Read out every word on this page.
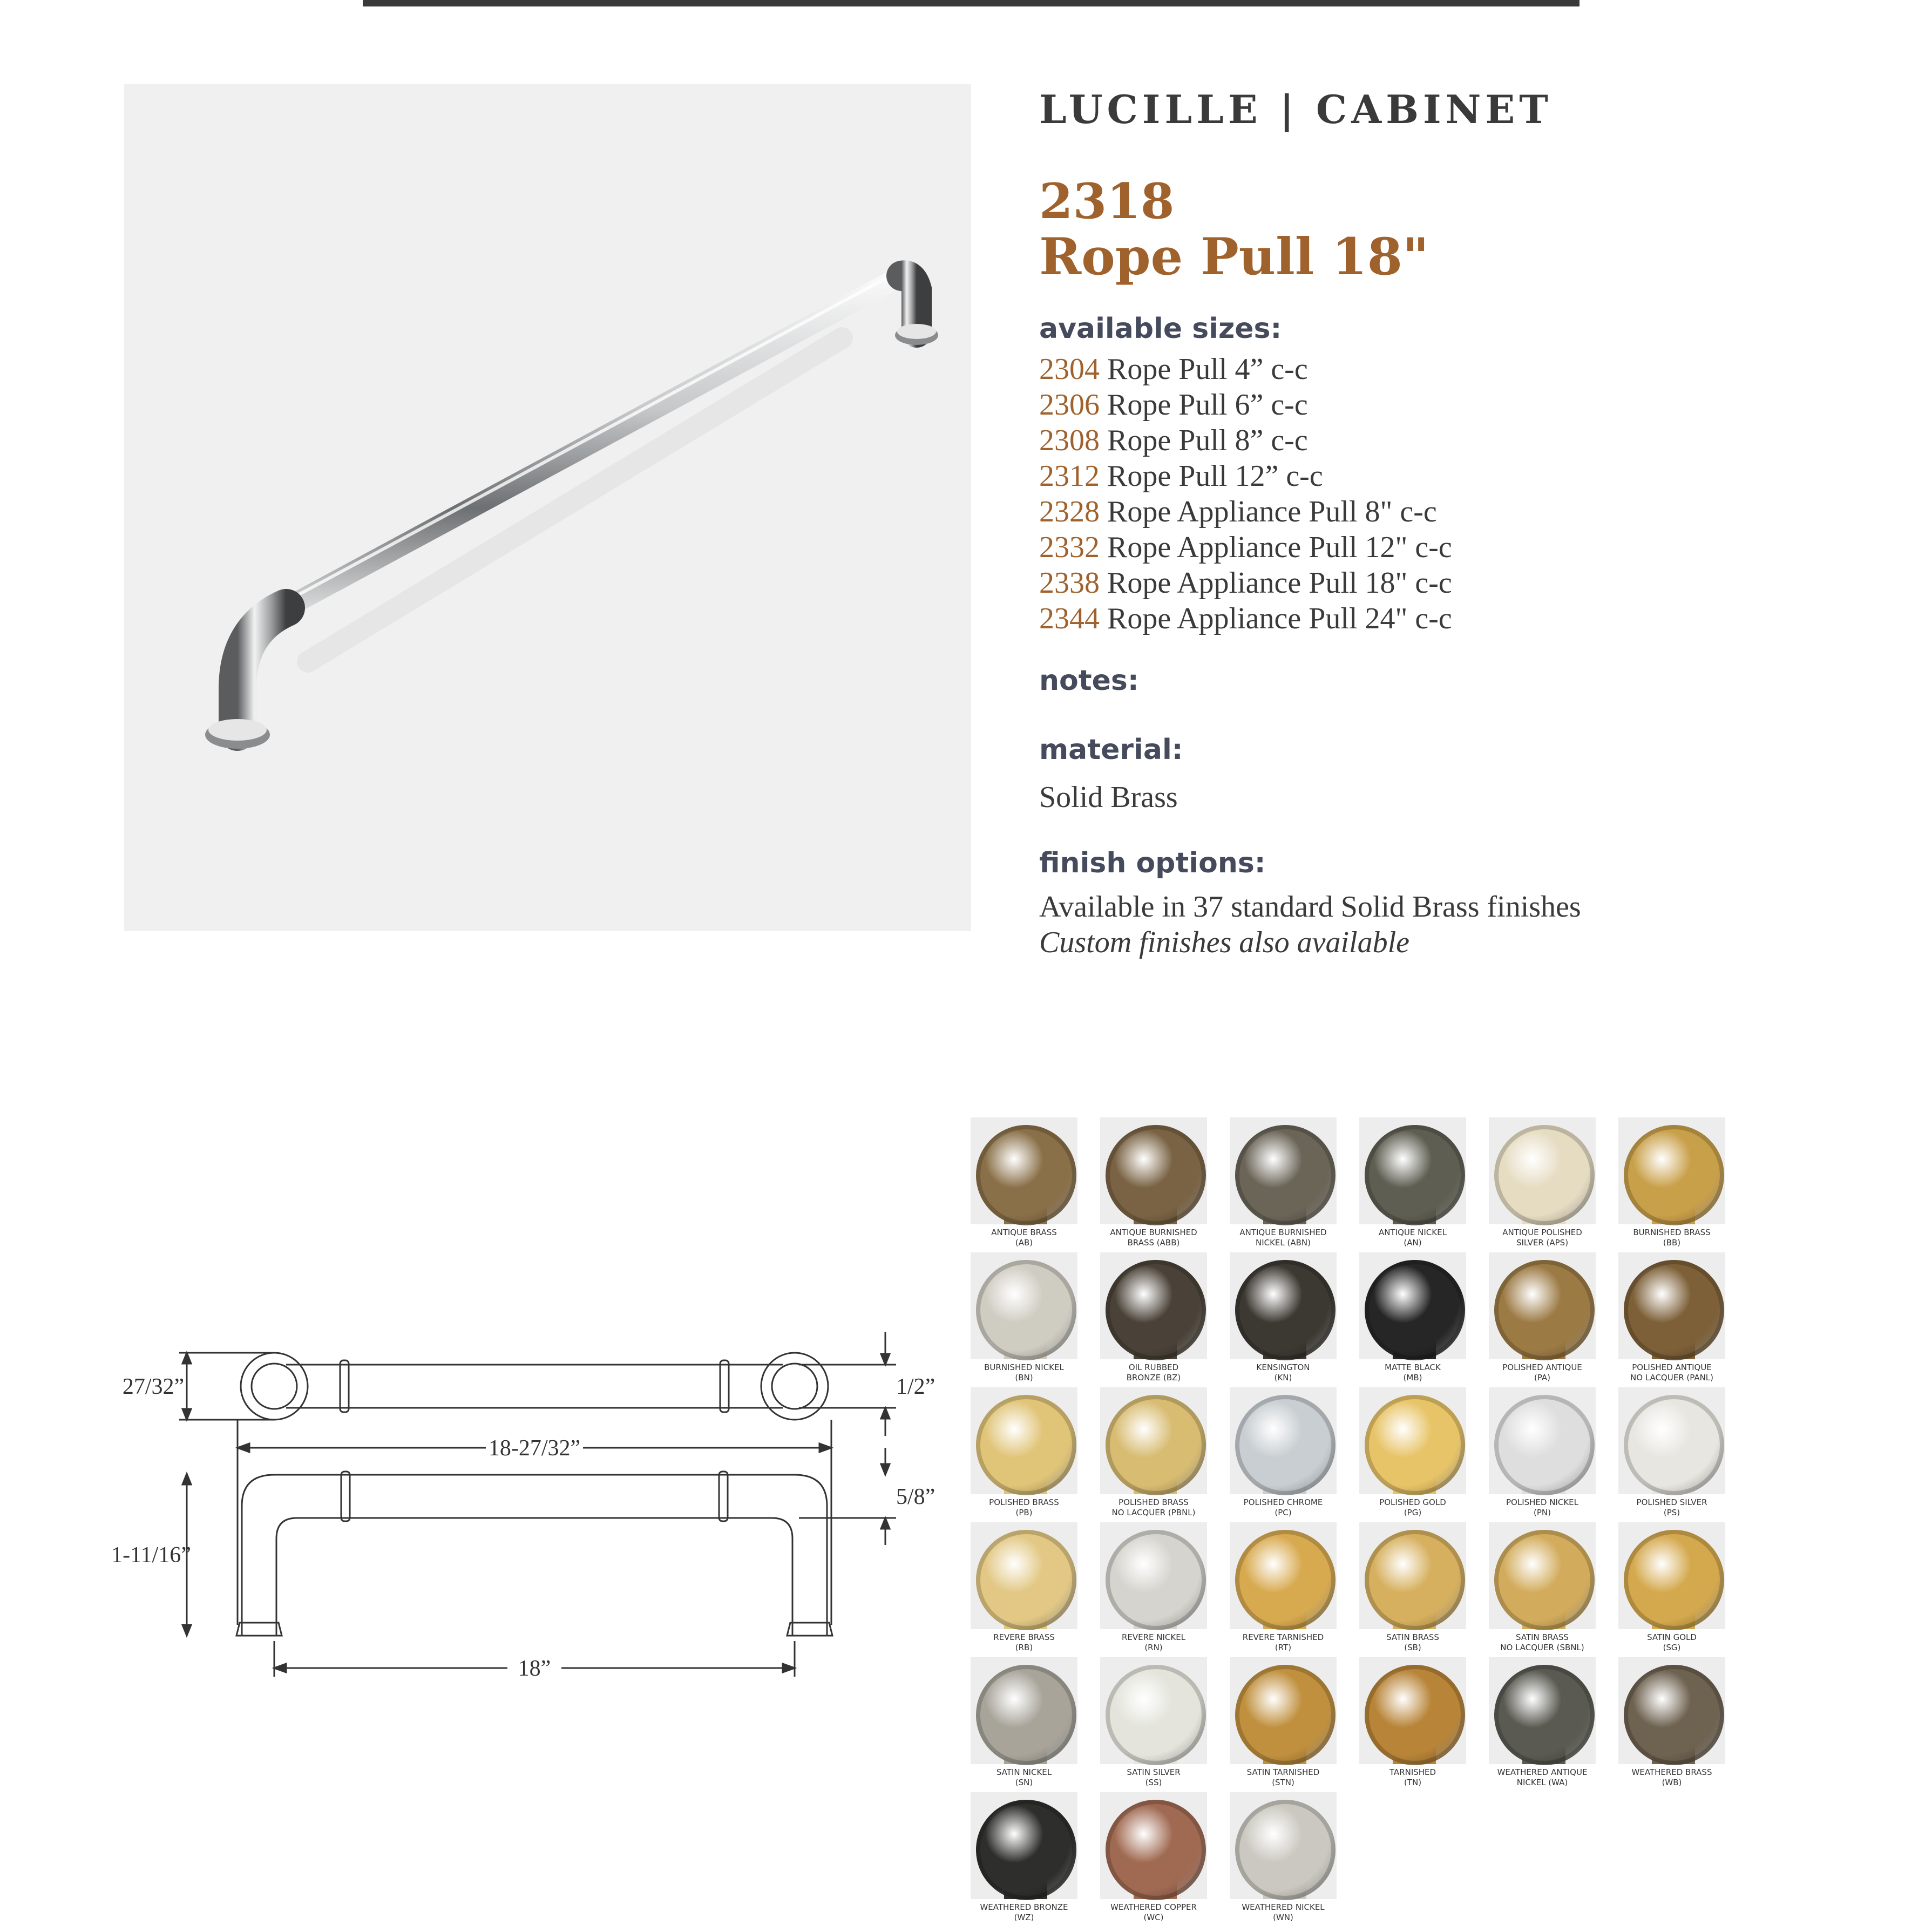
LUCILLE | CABINET
2318
Rope Pull 18"
available sizes:
2304 Rope Pull 4” c-c
2306 Rope Pull 6” c-c
2308 Rope Pull 8” c-c
2312 Rope Pull 12” c-c
2328 Rope Appliance Pull 8" c-c
2332 Rope Appliance Pull 12" c-c
2338 Rope Appliance Pull 18" c-c
2344 Rope Appliance Pull 24" c-c
notes:
material:
Solid Brass
finish options:
Available in 37 standard Solid Brass finishes
Custom finishes also available
27/32”
18-27/32”
1-11/16”
18”
1/2”
5/8”
ANTIQUE BRASS
(AB)
ANTIQUE BURNISHED
BRASS (ABB)
ANTIQUE BURNISHED
NICKEL (ABN)
ANTIQUE NICKEL
(AN)
ANTIQUE POLISHED
SILVER (APS)
BURNISHED BRASS
(BB)
BURNISHED NICKEL
(BN)
OIL RUBBED
BRONZE (BZ)
KENSINGTON
(KN)
MATTE BLACK
(MB)
POLISHED ANTIQUE
(PA)
POLISHED ANTIQUE
NO LACQUER (PANL)
POLISHED BRASS
(PB)
POLISHED BRASS
NO LACQUER (PBNL)
POLISHED CHROME
(PC)
POLISHED GOLD
(PG)
POLISHED NICKEL
(PN)
POLISHED SILVER
(PS)
REVERE BRASS
(RB)
REVERE NICKEL
(RN)
REVERE TARNISHED
(RT)
SATIN BRASS
(SB)
SATIN BRASS
NO LACQUER (SBNL)
SATIN GOLD
(SG)
SATIN NICKEL
(SN)
SATIN SILVER
(SS)
SATIN TARNISHED
(STN)
TARNISHED
(TN)
WEATHERED ANTIQUE
NICKEL (WA)
WEATHERED BRASS
(WB)
WEATHERED BRONZE
(WZ)
WEATHERED COPPER
(WC)
WEATHERED NICKEL
(WN)
